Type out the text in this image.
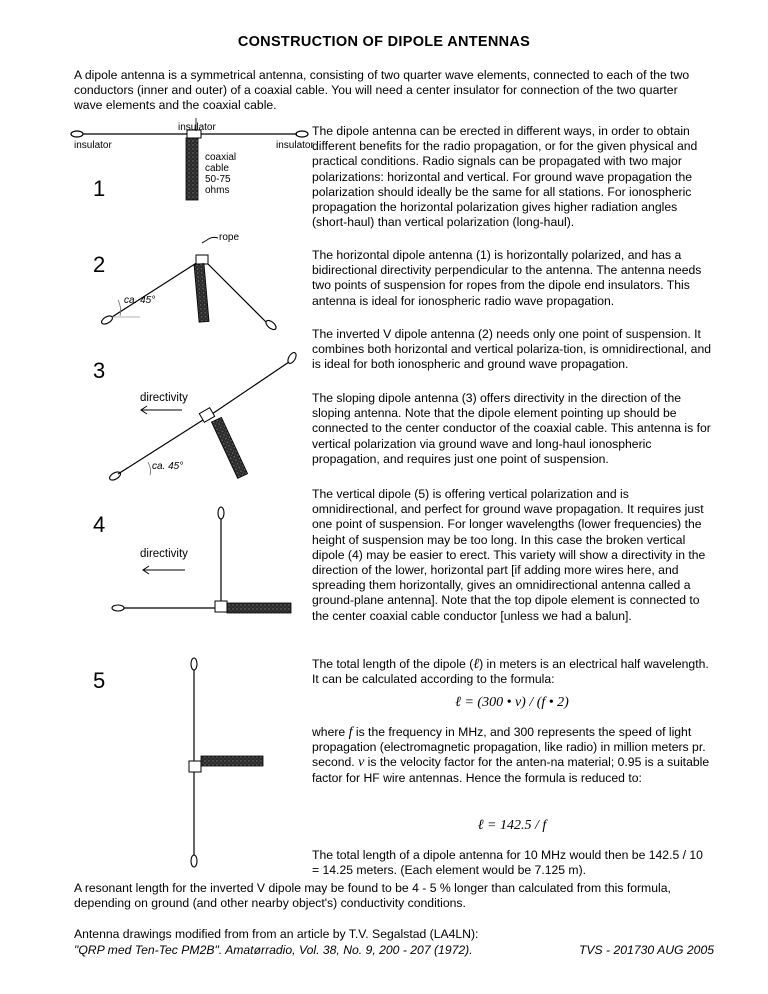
CONSTRUCTION OF DIPOLE ANTENNAS
A dipole antenna is a symmetrical antenna, consisting of two quarter wave elements, connected to each of the two conductors (inner and outer) of a coaxial cable. You will need a center insulator for connection of the two quarter wave elements and the coaxial cable.
insulator
insulator	insulator
coaxial
cable
50-75
ohms
1
rope
2
ca. 45°
3
directivity
ca. 45°
4
directivity
5
The dipole antenna can be erected in different ways, in order to obtain different benefits for the radio propagation, or for the given physical and practical conditions. Radio signals can be propagated with two major polarizations: horizontal and vertical. For ground wave propagation the polarization should ideally be the same for all stations. For ionospheric propagation the horizontal polarization gives higher radiation angles (short-haul) than vertical polarization (long-haul).
The horizontal dipole antenna (1) is horizontally polarized, and has a bidirectional directivity perpendicular to the antenna. The antenna needs two points of suspension for ropes from the dipole end insulators. This antenna is ideal for ionospheric radio wave propagation.
The inverted V dipole antenna (2) needs only one point of suspension. It combines both horizontal and vertical polariza-tion, is omnidirectional, and is ideal for both ionospheric and ground wave propagation.
The sloping dipole antenna (3) offers directivity in the direction of the sloping antenna. Note that the dipole element pointing up should be connected to the center conductor of the coaxial cable. This antenna is for vertical polarization via ground wave and long-haul ionospheric propagation, and requires just one point of suspension.
The vertical dipole (5) is offering vertical polarization and is omnidirectional, and perfect for ground wave propagation. It requires just one point of suspension. For longer wavelengths (lower frequencies) the height of suspension may be too long. In this case the broken vertical dipole (4) may be easier to erect. This variety will show a directivity in the direction of the lower, horizontal part [if adding more wires here, and spreading them horizontally, gives an omnidirectional antenna called a ground-plane antenna]. Note that the top dipole element is connected to the center coaxial cable conductor [unless we had a balun].
The total length of the dipole (ℓ) in meters is an electrical half wavelength. It can be calculated according to the formula:
ℓ = (300 • v) / (f • 2)
where f is the frequency in MHz, and 300 represents the speed of light propagation (electromagnetic propagation, like radio) in million meters pr. second. v is the velocity factor for the anten-na material; 0.95 is a suitable factor for HF wire antennas. Hence the formula is reduced to:
ℓ = 142.5 / f
The total length of a dipole antenna for 10 MHz would then be 142.5 / 10 = 14.25 meters. (Each element would be 7.125 m).
A resonant length for the inverted V dipole may be found to be 4 - 5 % longer than calculated from this formula, depending on ground (and other nearby object's) conductivity conditions.
Antenna drawings modified from from an article by T.V. Segalstad (LA4LN):
"QRP med Ten-Tec PM2B". Amatørradio, Vol. 38, No. 9, 200 - 207 (1972).	TVS - 201730 AUG 2005
